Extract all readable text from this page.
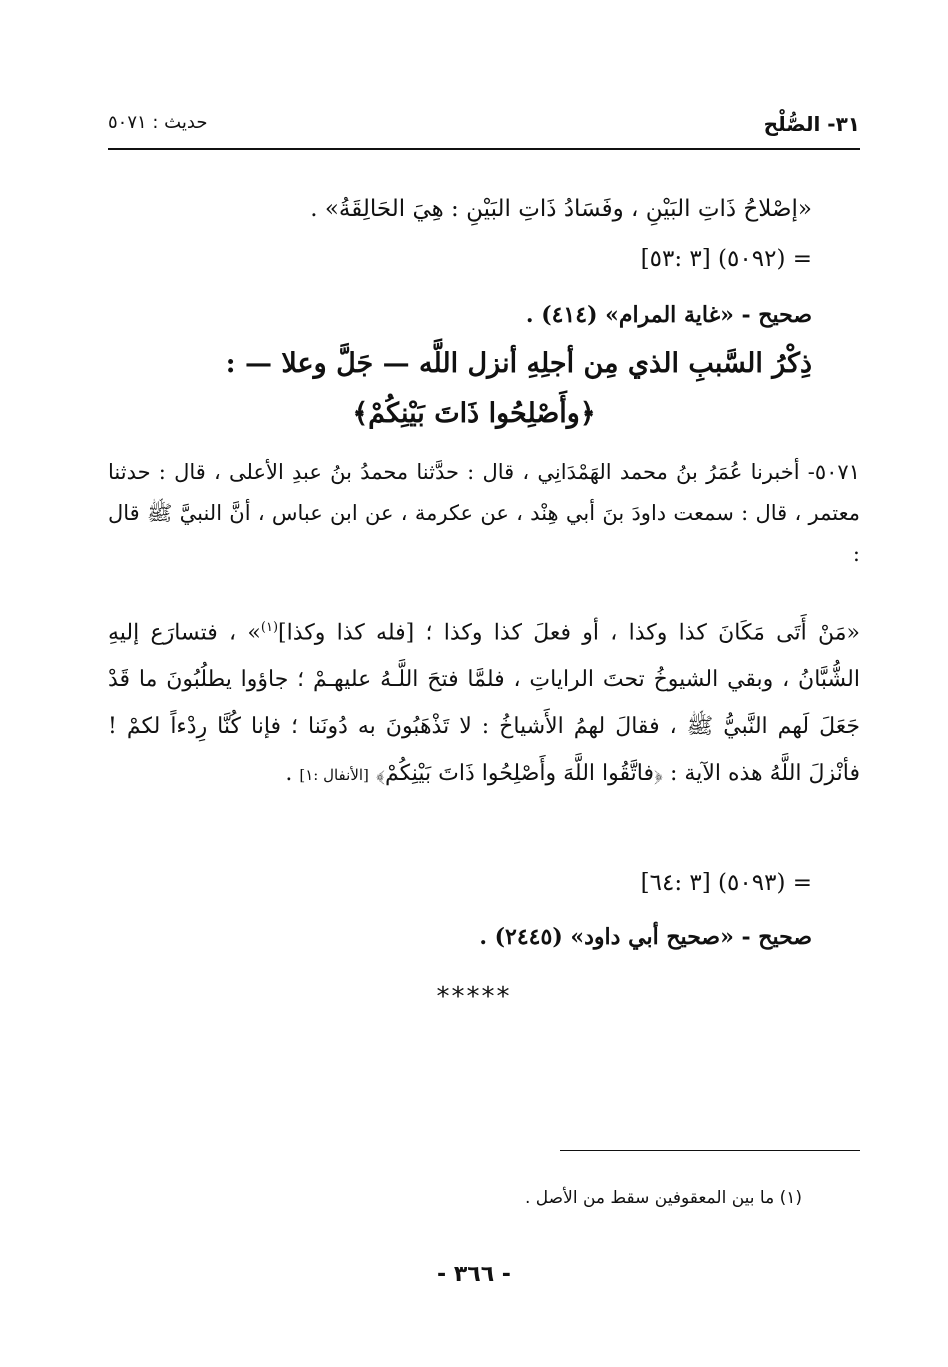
٣١- الصُّلْح
حديث : ٥٠٧١
«إصْلاحُ ذَاتِ البَيْنِ ، وفَسَادُ ذَاتِ البَيْنِ : هِيَ الحَالِقَةُ» .
= (٥٠٩٢) [٣ :٥٣]
صحيح - «غاية المرام» (٤١٤) .
ذِكْرُ السَّببِ الذي مِن أجلِهِ أنزل اللَّه — جَلَّ وعلا — :
﴿وأَصْلِحُوا ذَاتَ بَيْنِكُمْ﴾
٥٠٧١- أخبرنا عُمَرُ بنُ محمد الهَمْدَانِي ، قال : حدَّثنا محمدُ بنُ عبدِ الأعلى ، قال : حدثنا معتمر ، قال : سمعت داودَ بنَ أبي هِنْد ، عن عكرمة ، عن ابن عباس ، أنَّ النبيَّ ﷺ قال :
«مَنْ أَتَى مَكَانَ كذا وكذا ، أو فعلَ كذا وكذا ؛ [فله كذا وكذا]$^{(١)}$» ، فتسارَع إليهِ الشُّبَّانُ ، وبقي الشيوخُ تحتَ الراياتِ ، فلمَّا فتحَ اللَّـهُ عليهـمْ ؛ جاؤوا يطلُبُونَ ما قَدْ جَعَلَ لَهم النَّبيُّ ﷺ ، فقالَ لهمُ الأَشياخُ : لا تَذْهَبُونَ به دُونَنا ؛ فإنا كُنَّا رِدْءاً لكمْ ! فأنْزلَ اللَّهُ هذه الآية : ﴿فاتَّقُوا اللَّهَ وأَصْلِحُوا ذَاتَ بَيْنِكُمْ﴾ [الأنفال :١] .
= (٥٠٩٣) [٣ :٦٤]
صحيح - «صحيح أبي داود» (٢٤٤٥) .
*****
(١) ما بين المعقوفين سقط من الأصل .
- ٣٦٦ -
